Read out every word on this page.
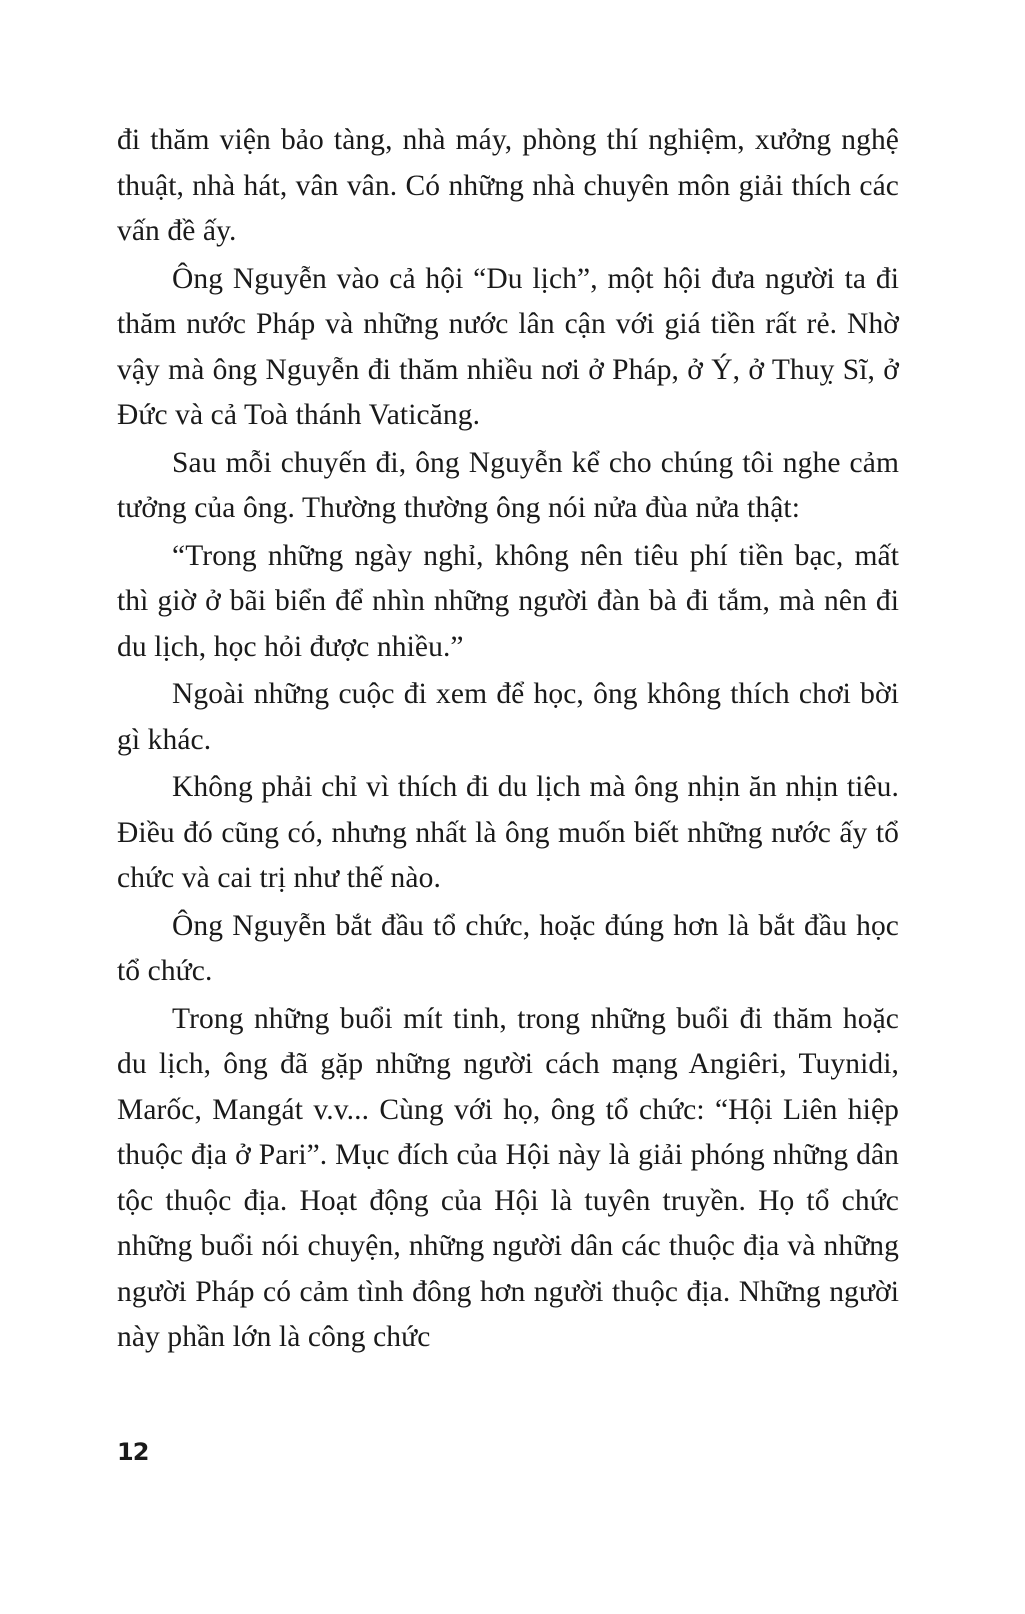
đi thăm viện bảo tàng, nhà máy, phòng thí nghiệm, xưởng nghệ thuật, nhà hát, vân vân. Có những nhà chuyên môn giải thích các vấn đề ấy.

Ông Nguyễn vào cả hội “Du lịch”, một hội đưa người ta đi thăm nước Pháp và những nước lân cận với giá tiền rất rẻ. Nhờ vậy mà ông Nguyễn đi thăm nhiều nơi ở Pháp, ở Ý, ở Thuỵ Sĩ, ở Đức và cả Toà thánh Vaticăng.

Sau mỗi chuyến đi, ông Nguyễn kể cho chúng tôi nghe cảm tưởng của ông. Thường thường ông nói nửa đùa nửa thật:

“Trong những ngày nghỉ, không nên tiêu phí tiền bạc, mất thì giờ ở bãi biển để nhìn những người đàn bà đi tắm, mà nên đi du lịch, học hỏi được nhiều.”

Ngoài những cuộc đi xem để học, ông không thích chơi bời gì khác.

Không phải chỉ vì thích đi du lịch mà ông nhịn ăn nhịn tiêu. Điều đó cũng có, nhưng nhất là ông muốn biết những nước ấy tổ chức và cai trị như thế nào.

Ông Nguyễn bắt đầu tổ chức, hoặc đúng hơn là bắt đầu học tổ chức.

Trong những buổi mít tinh, trong những buổi đi thăm hoặc du lịch, ông đã gặp những người cách mạng Angiêri, Tuynidi, Marốc, Mangát v.v... Cùng với họ, ông tổ chức: “Hội Liên hiệp thuộc địa ở Pari”. Mục đích của Hội này là giải phóng những dân tộc thuộc địa. Hoạt động của Hội là tuyên truyền. Họ tổ chức những buổi nói chuyện, những người dân các thuộc địa và những người Pháp có cảm tình đông hơn người thuộc địa. Những người này phần lớn là công chức

12
